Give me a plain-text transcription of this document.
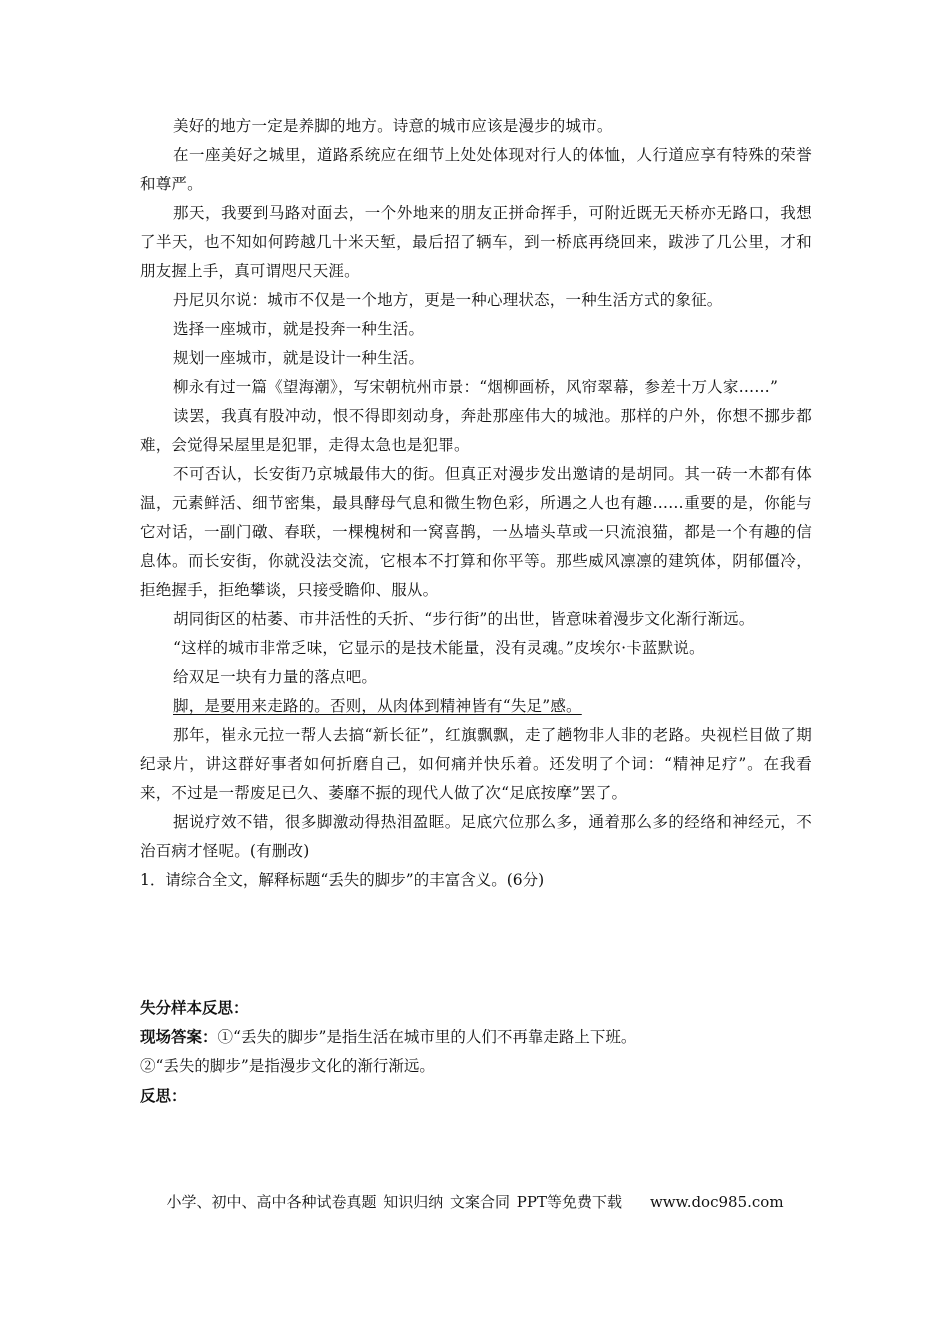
美好的地方一定是养脚的地方。诗意的城市应该是漫步的城市。

在一座美好之城里，道路系统应在细节上处处体现对行人的体恤，人行道应享有特殊的荣誉和尊严。

那天，我要到马路对面去，一个外地来的朋友正拼命挥手，可附近既无天桥亦无路口，我想了半天，也不知如何跨越几十米天堑，最后招了辆车，到一桥底再绕回来，跋涉了几公里，才和朋友握上手，真可谓咫尺天涯。

丹尼贝尔说：城市不仅是一个地方，更是一种心理状态，一种生活方式的象征。

选择一座城市，就是投奔一种生活。

规划一座城市，就是设计一种生活。

柳永有过一篇《望海潮》，写宋朝杭州市景：“烟柳画桥，风帘翠幕，参差十万人家……”

读罢，我真有股冲动，恨不得即刻动身，奔赴那座伟大的城池。那样的户外，你想不挪步都难，会觉得呆屋里是犯罪，走得太急也是犯罪。

不可否认，长安街乃京城最伟大的街。但真正对漫步发出邀请的是胡同。其一砖一木都有体温，元素鲜活、细节密集，最具酵母气息和微生物色彩，所遇之人也有趣……重要的是，你能与它对话，一副门礅、春联，一棵槐树和一窝喜鹊，一丛墙头草或一只流浪猫，都是一个有趣的信息体。而长安街，你就没法交流，它根本不打算和你平等。那些威风凛凛的建筑体，阴郁僵冷，拒绝握手，拒绝攀谈，只接受瞻仰、服从。

胡同街区的枯萎、市井活性的夭折、“步行街”的出世，皆意味着漫步文化渐行渐远。

“这样的城市非常乏味，它显示的是技术能量，没有灵魂。”皮埃尔·卡蓝默说。

给双足一块有力量的落点吧。

脚，是要用来走路的。否则，从肉体到精神皆有“失足”感。

那年，崔永元拉一帮人去搞“新长征”，红旗飘飘，走了趟物非人非的老路。央视栏目做了期纪录片，讲这群好事者如何折磨自己，如何痛并快乐着。还发明了个词：“精神足疗”。在我看来，不过是一帮废足已久、萎靡不振的现代人做了次“足底按摩”罢了。

据说疗效不错，很多脚激动得热泪盈眶。足底穴位那么多，通着那么多的经络和神经元，不治百病才怪呢。(有删改)

1．请综合全文，解释标题“丢失的脚步”的丰富含义。(6分)

失分样本反思：

现场答案：①“丢失的脚步”是指生活在城市里的人们不再靠走路上下班。

②“丢失的脚步”是指漫步文化的渐行渐远。

反思：

小学、初中、高中各种试卷真题 知识归纳 文案合同 PPT等免费下载 www.doc985.com
